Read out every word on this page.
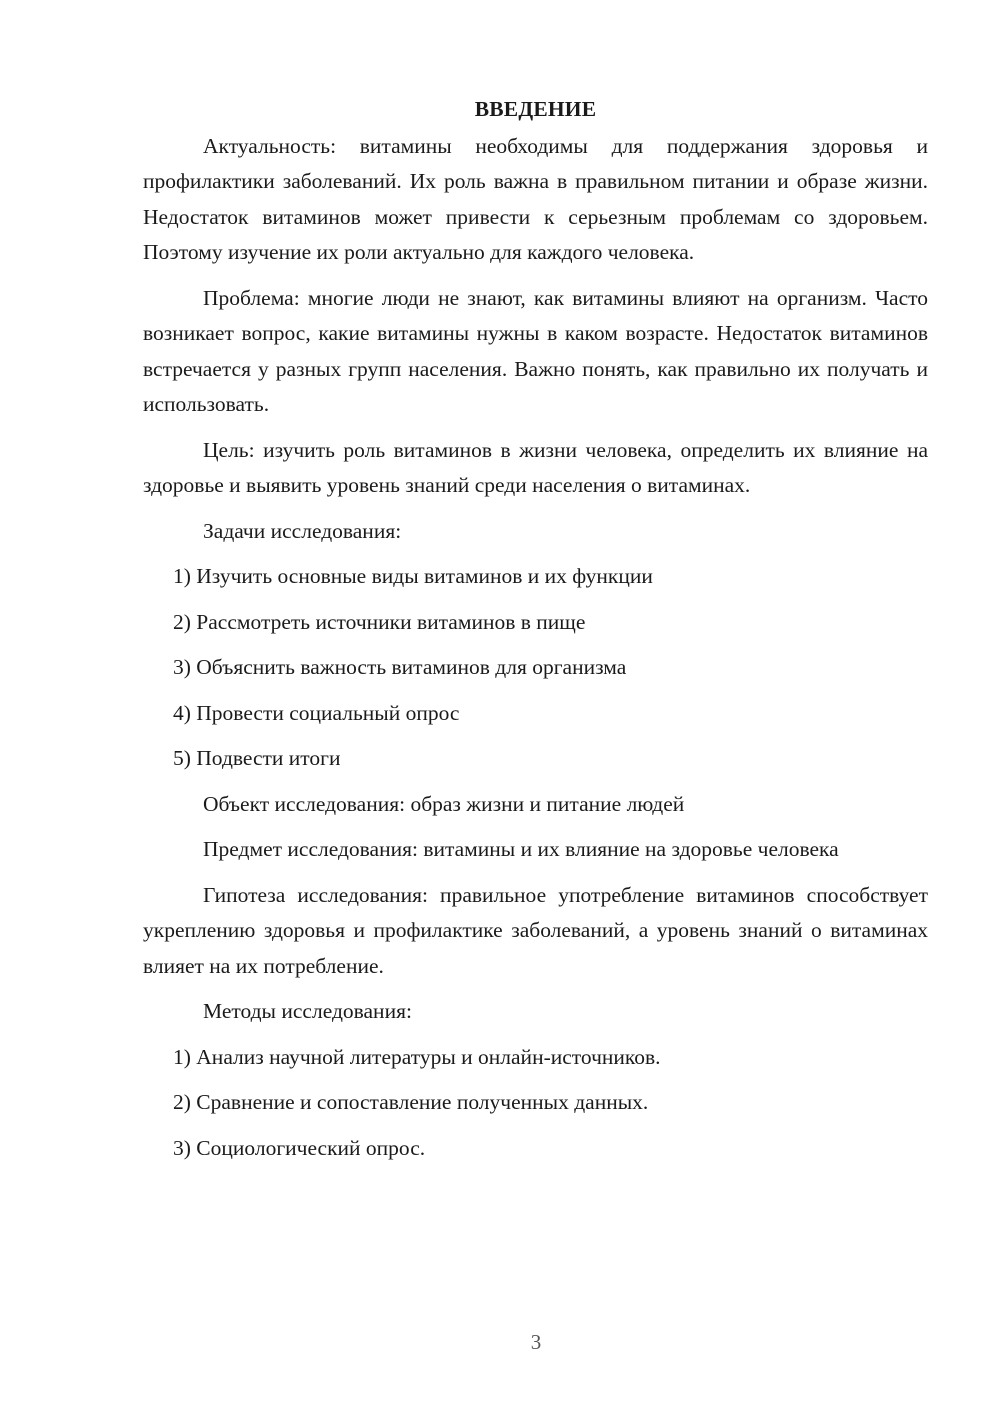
ВВЕДЕНИЕ

Актуальность: витамины необходимы для поддержания здоровья и профилактики заболеваний. Их роль важна в правильном питании и образе жизни. Недостаток витаминов может привести к серьезным проблемам со здоровьем. Поэтому изучение их роли актуально для каждого человека.

Проблема: многие люди не знают, как витамины влияют на организм. Часто возникает вопрос, какие витамины нужны в каком возрасте. Недостаток витаминов встречается у разных групп населения. Важно понять, как правильно их получать и использовать.

Цель: изучить роль витаминов в жизни человека, определить их влияние на здоровье и выявить уровень знаний среди населения о витаминах.

Задачи исследования:

1) Изучить основные виды витаминов и их функции

2) Рассмотреть источники витаминов в пище

3) Объяснить важность витаминов для организма

4) Провести социальный опрос

5) Подвести итоги

Объект исследования: образ жизни и питание людей

Предмет исследования: витамины и их влияние на здоровье человека

Гипотеза исследования: правильное употребление витаминов способствует укреплению здоровья и профилактике заболеваний, а уровень знаний о витаминах влияет на их потребление.

Методы исследования:

1) Анализ научной литературы и онлайн-источников.

2) Сравнение и сопоставление полученных данных.

3) Социологический опрос.

3
